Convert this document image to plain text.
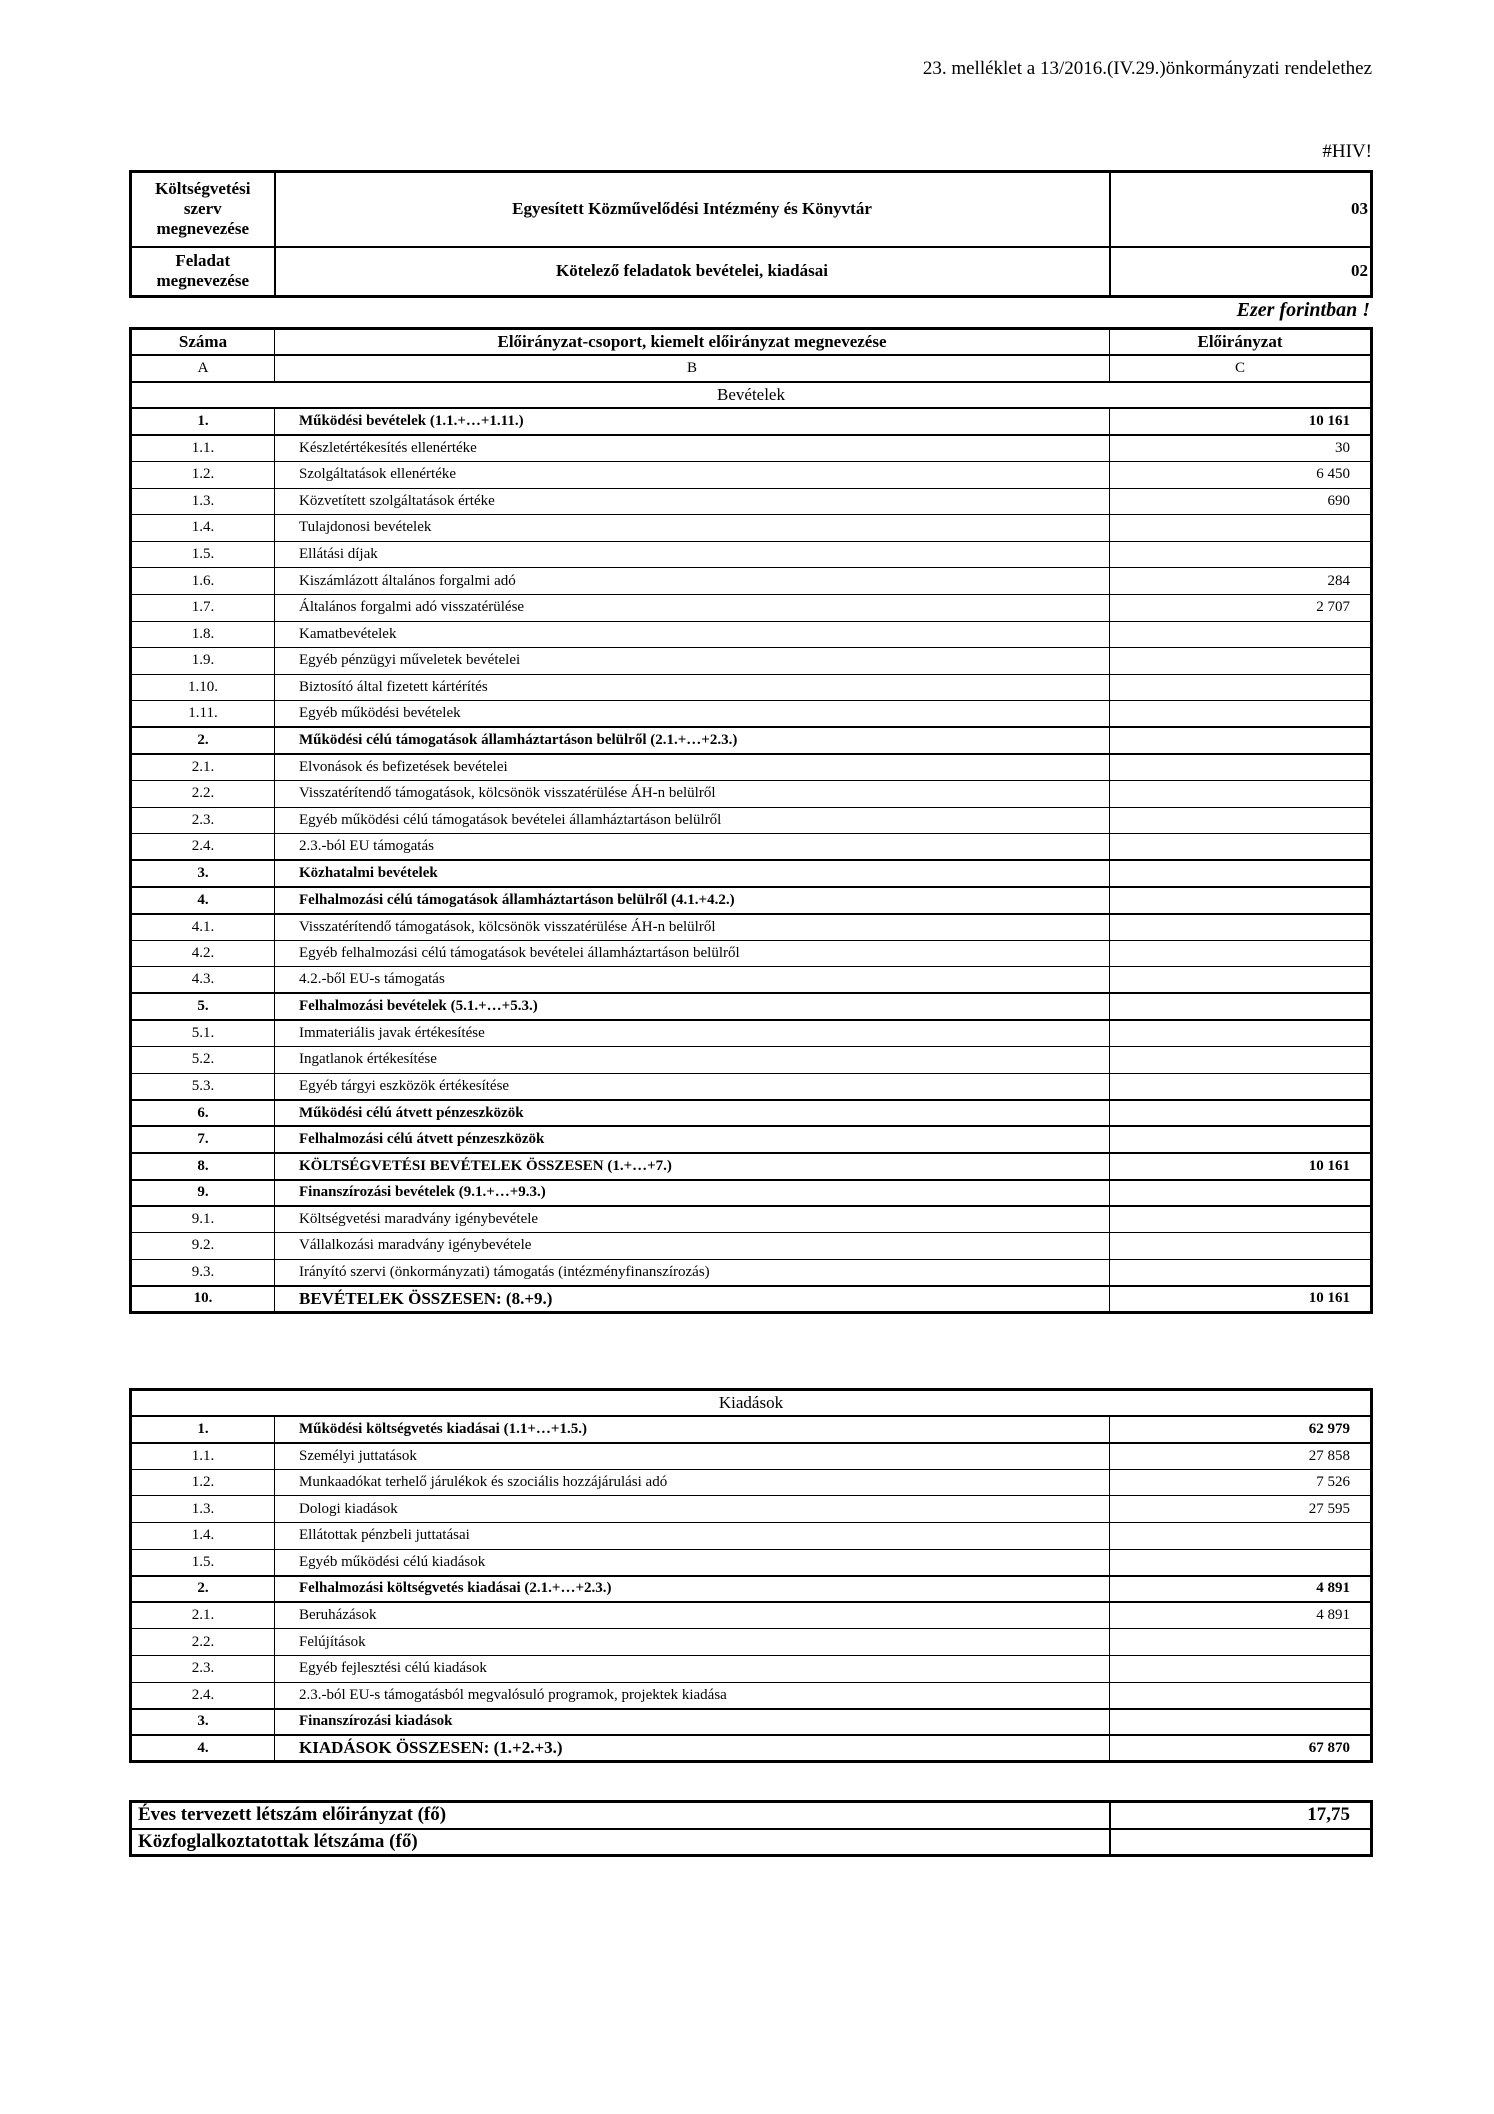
23. melléklet a 13/2016.(IV.29.)önkormányzati rendelethez
#HIV!
Költségvetési szerv megnevezése	Egyesített Közművelődési Intézmény és Könyvtár	03
Feladat megnevezése	Kötelező feladatok bevételei, kiadásai	02
Ezer forintban !
Száma	Előirányzat-csoport, kiemelt előirányzat megnevezése	Előirányzat
A	B	C
Bevételek		
1.	Működési bevételek (1.1.+…+1.11.)	10 161
1.1.	Készletértékesítés ellenértéke	30
1.2.	Szolgáltatások ellenértéke	6 450
1.3.	Közvetített szolgáltatások értéke	690
1.4.	Tulajdonosi bevételek	
1.5.	Ellátási díjak	
1.6.	Kiszámlázott általános forgalmi adó	284
1.7.	Általános forgalmi adó visszatérülése	2 707
1.8.	Kamatbevételek	
1.9.	Egyéb pénzügyi műveletek bevételei	
1.10.	Biztosító által fizetett kártérítés	
1.11.	Egyéb működési bevételek	
2.	Működési célú támogatások államháztartáson belülről (2.1.+…+2.3.)	
2.1.	Elvonások és befizetések bevételei	
2.2.	Visszatérítendő támogatások, kölcsönök visszatérülése ÁH-n belülről	
2.3.	Egyéb működési célú támogatások bevételei államháztartáson belülről	
2.4.	2.3.-ból EU támogatás	
3.	Közhatalmi bevételek	
4.	Felhalmozási célú támogatások államháztartáson belülről (4.1.+4.2.)	
4.1.	Visszatérítendő támogatások, kölcsönök visszatérülése ÁH-n belülről	
4.2.	Egyéb felhalmozási célú támogatások bevételei államháztartáson belülről	
4.3.	4.2.-ből EU-s támogatás	
5.	Felhalmozási bevételek (5.1.+…+5.3.)	
5.1.	Immateriális javak értékesítése	
5.2.	Ingatlanok értékesítése	
5.3.	Egyéb tárgyi eszközök értékesítése	
6.	Működési célú átvett pénzeszközök	
7.	Felhalmozási célú átvett pénzeszközök	
8.	KÖLTSÉGVETÉSI BEVÉTELEK ÖSSZESEN (1.+…+7.)	10 161
9.	Finanszírozási bevételek (9.1.+…+9.3.)	
9.1.	Költségvetési maradvány igénybevétele	
9.2.	Vállalkozási maradvány igénybevétele	
9.3.	Irányító szervi (önkormányzati) támogatás (intézményfinanszírozás)	
10.	BEVÉTELEK ÖSSZESEN: (8.+9.)	10 161
Kiadások		
1.	Működési költségvetés kiadásai (1.1+…+1.5.)	62 979
1.1.	Személyi juttatások	27 858
1.2.	Munkaadókat terhelő járulékok és szociális hozzájárulási adó	7 526
1.3.	Dologi kiadások	27 595
1.4.	Ellátottak pénzbeli juttatásai	
1.5.	Egyéb működési célú kiadások	
2.	Felhalmozási költségvetés kiadásai (2.1.+…+2.3.)	4 891
2.1.	Beruházások	4 891
2.2.	Felújítások	
2.3.	Egyéb fejlesztési célú kiadások	
2.4.	2.3.-ból EU-s támogatásból megvalósuló programok, projektek kiadása	
3.	Finanszírozási kiadások	
4.	KIADÁSOK ÖSSZESEN: (1.+2.+3.)	67 870
Éves tervezett létszám előirányzat (fő)	17,75
Közfoglalkoztatottak létszáma (fő)	
